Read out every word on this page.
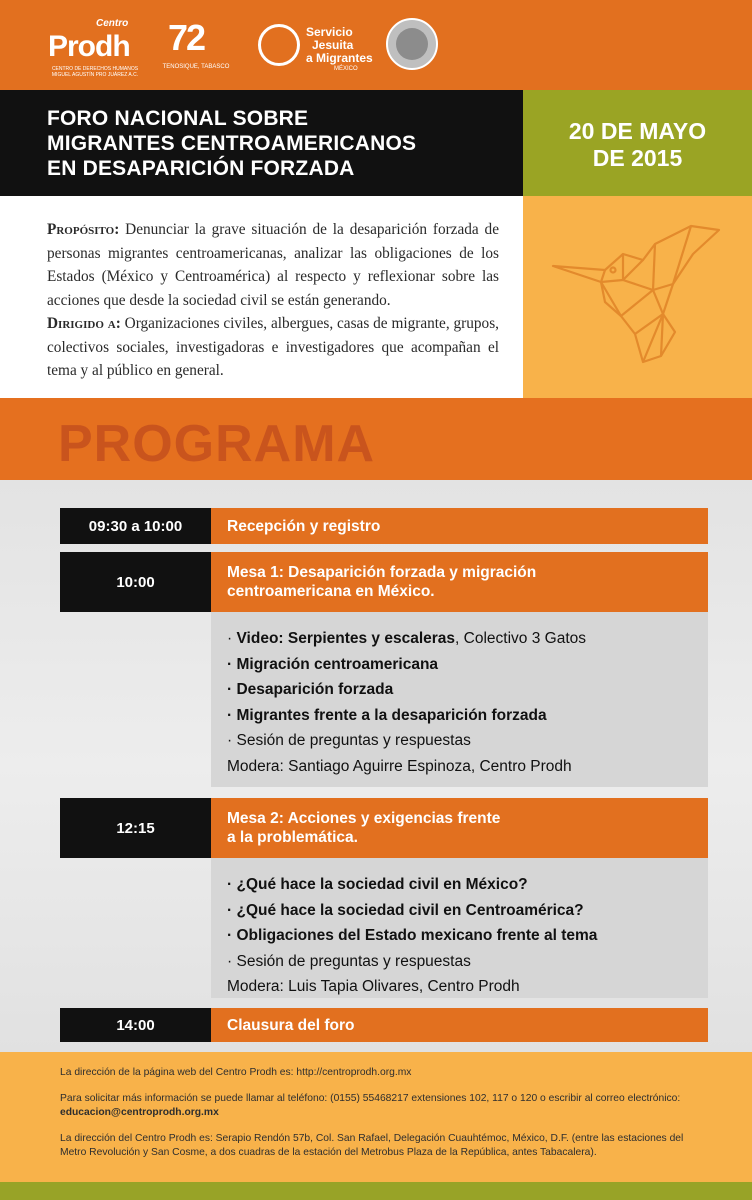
Centro
Prodh
CENTRO DE DERECHOS HUMANOS MIGUEL AGUSTÍN PRO JUÁREZ A.C.
72
TENOSIQUE, TABASCO
Servicio
Jesuita
a Migrantes
MÉXICO
FORO NACIONAL SOBRE
MIGRANTES CENTROAMERICANOS
EN DESAPARICIÓN FORZADA
20 DE MAYO
DE 2015
Propósito: Denunciar la grave situación de la desaparición forzada de personas migrantes centroamericanas, analizar las obligaciones de los Estados (México y Centroamérica) al respecto y reflexionar sobre las acciones que desde la sociedad civil se están generando.
Dirigido a: Organizaciones civiles, albergues, casas de migrante, grupos, colectivos sociales, investigadoras e investigadores que acompañan el tema y al público en general.
PROGRAMA
09:30 a 10:00	Recepción y registro
10:00
Mesa 1: Desaparición forzada y migración
centroamericana en México.
· Video: Serpientes y escaleras, Colectivo 3 Gatos
· Migración centroamericana
· Desaparición forzada
· Migrantes frente a la desaparición forzada
· Sesión de preguntas y respuestas
Modera: Santiago Aguirre Espinoza, Centro Prodh
12:15
Mesa 2: Acciones y exigencias frente
a la problemática.
· ¿Qué hace la sociedad civil en México?
· ¿Qué hace la sociedad civil en Centroamérica?
· Obligaciones del Estado mexicano frente al tema
· Sesión de preguntas y respuestas
Modera: Luis Tapia Olivares, Centro Prodh
14:00	Clausura del foro

La dirección de la página web del Centro Prodh es: http://centroprodh.org.mx

Para solicitar más información se puede llamar al teléfono: (0155) 55468217 extensiones 102, 117 o 120 o escribir al correo electrónico: educacion@centroprodh.org.mx

La dirección del Centro Prodh es: Serapio Rendón 57b, Col. San Rafael, Delegación Cuauhtémoc, México, D.F. (entre las estaciones del Metro Revolución y San Cosme, a dos cuadras de la estación del Metrobus Plaza de la República, antes Tabacalera).
